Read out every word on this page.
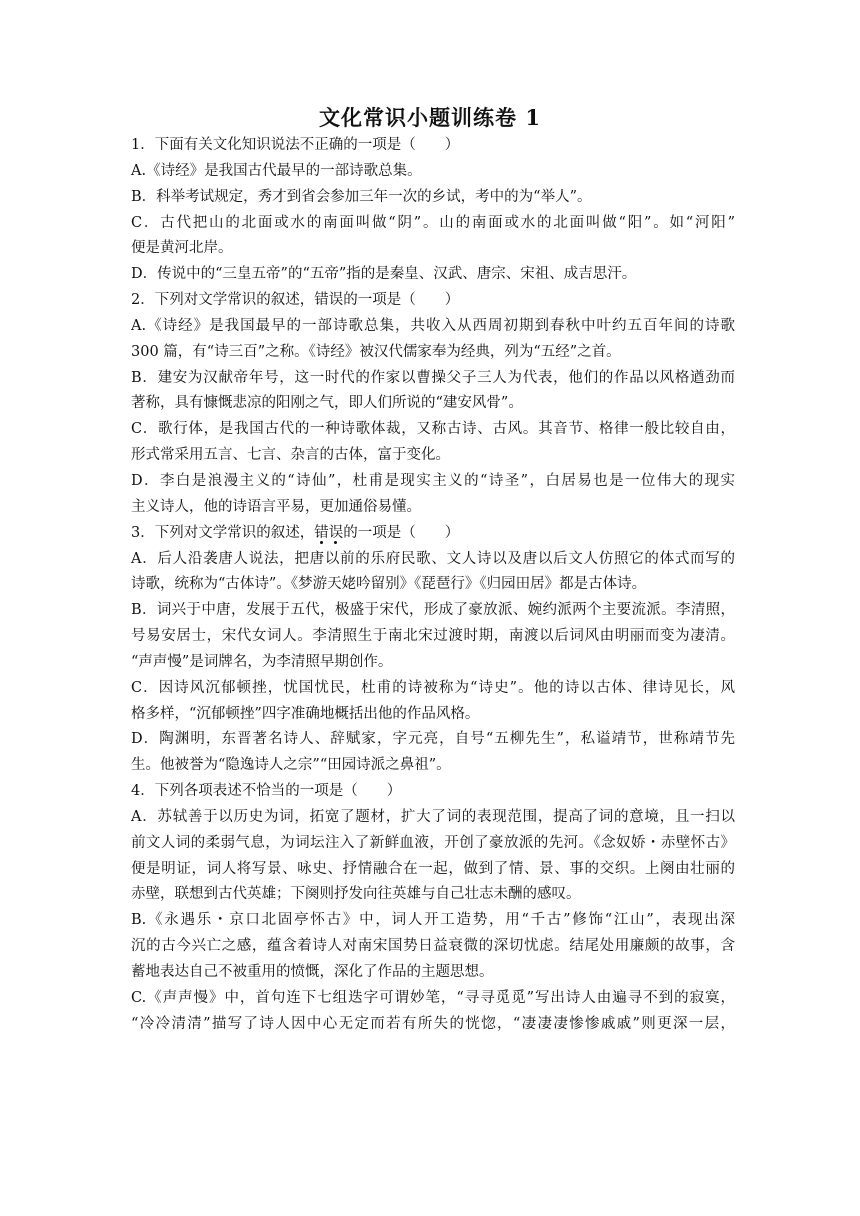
文化常识小题训练卷 1

1．下面有关文化知识说法不正确的一项是（　　）

A.《诗经》是我国古代最早的一部诗歌总集。

B．科举考试规定，秀才到省会参加三年一次的乡试，考中的为“举人”。

C．古代把山的北面或水的南面叫做“阴”。山的南面或水的北面叫做“阳”。如“河阳”

便是黄河北岸。

D．传说中的“三皇五帝”的“五帝”指的是秦皇、汉武、唐宗、宋祖、成吉思汗。

2．下列对文学常识的叙述，错误的一项是（　　）

A.《诗经》是我国最早的一部诗歌总集，共收入从西周初期到春秋中叶约五百年间的诗歌

300 篇，有“诗三百”之称。《诗经》被汉代儒家奉为经典，列为“五经”之首。

B．建安为汉献帝年号，这一时代的作家以曹操父子三人为代表，他们的作品以风格遒劲而

著称，具有慷慨悲凉的阳刚之气，即人们所说的“建安风骨”。

C．歌行体，是我国古代的一种诗歌体裁，又称古诗、古风。其音节、格律一般比较自由，

形式常采用五言、七言、杂言的古体，富于变化。

D．李白是浪漫主义的“诗仙”，杜甫是现实主义的“诗圣”，白居易也是一位伟大的现实

主义诗人，他的诗语言平易，更加通俗易懂。

3．下列对文学常识的叙述，错误的一项是（　　）

A．后人沿袭唐人说法，把唐以前的乐府民歌、文人诗以及唐以后文人仿照它的体式而写的

诗歌，统称为“古体诗”。《梦游天姥吟留别》《琵琶行》《归园田居》都是古体诗。

B．词兴于中唐，发展于五代，极盛于宋代，形成了豪放派、婉约派两个主要流派。李清照，

号易安居士，宋代女词人。李清照生于南北宋过渡时期，南渡以后词风由明丽而变为凄清。

“声声慢”是词牌名，为李清照早期创作。

C．因诗风沉郁顿挫，忧国忧民，杜甫的诗被称为“诗史”。他的诗以古体、律诗见长，风

格多样，“沉郁顿挫”四字准确地概括出他的作品风格。

D．陶渊明，东晋著名诗人、辞赋家，字元亮，自号“五柳先生”，私谥靖节，世称靖节先

生。他被誉为“隐逸诗人之宗”“田园诗派之鼻祖”。

4．下列各项表述不恰当的一项是（　　）

A．苏轼善于以历史为词，拓宽了题材，扩大了词的表现范围，提高了词的意境，且一扫以

前文人词的柔弱气息，为词坛注入了新鲜血液，开创了豪放派的先河。《念奴娇・赤壁怀古》

便是明证，词人将写景、咏史、抒情融合在一起，做到了情、景、事的交织。上阕由壮丽的

赤壁，联想到古代英雄；下阕则抒发向往英雄与自己壮志未酬的感叹。

B.《永遇乐・京口北固亭怀古》中，词人开工造势，用“千古”修饰“江山”，表现出深

沉的古今兴亡之感，蕴含着诗人对南宋国势日益衰微的深切忧虑。结尾处用廉颇的故事，含

蓄地表达自己不被重用的愤慨，深化了作品的主题思想。

C.《声声慢》中，首句连下七组迭字可谓妙笔，“寻寻觅觅”写出诗人由遍寻不到的寂寞，

“冷冷清清”描写了诗人因中心无定而若有所失的恍惚，“凄凄凄惨惨戚戚”则更深一层，
